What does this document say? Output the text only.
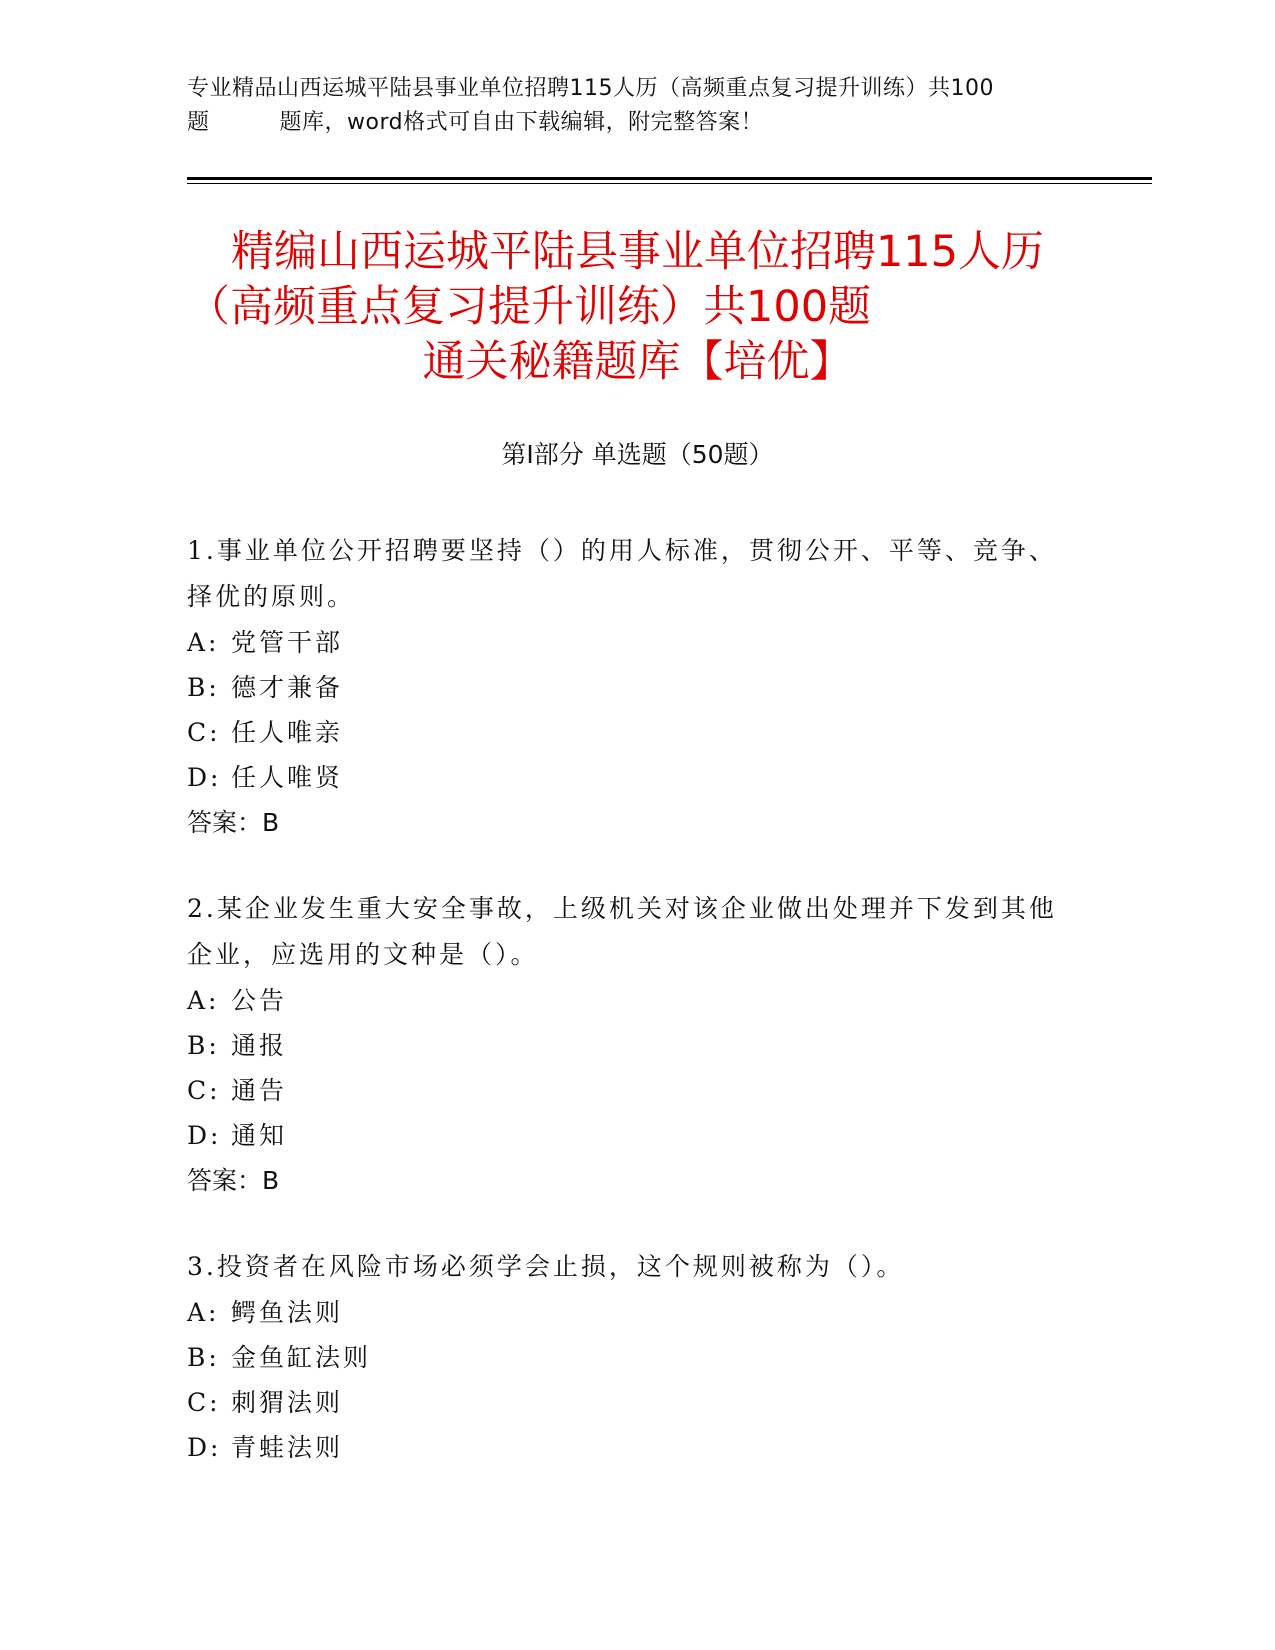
专业精品山西运城平陆县事业单位招聘115人历（高频重点复习提升训练）共100
题	题库，word格式可自由下载编辑，附完整答案！
精编山西运城平陆县事业单位招聘115人历
（高频重点复习提升训练）共100题
通关秘籍题库【培优】
第Ⅰ部分 单选题（50题）

1.事业单位公开招聘要坚持（）的用人标准，贯彻公开、平等、竞争、择优的原则。

A: 党管干部

B: 德才兼备

C: 任人唯亲

D: 任人唯贤

答案：B

2.某企业发生重大安全事故，上级机关对该企业做出处理并下发到其他企业，应选用的文种是（）。

A: 公告

B: 通报

C: 通告

D: 通知

答案：B

3.投资者在风险市场必须学会止损，这个规则被称为（）。

A: 鳄鱼法则

B: 金鱼缸法则

C: 刺猬法则

D: 青蛙法则
